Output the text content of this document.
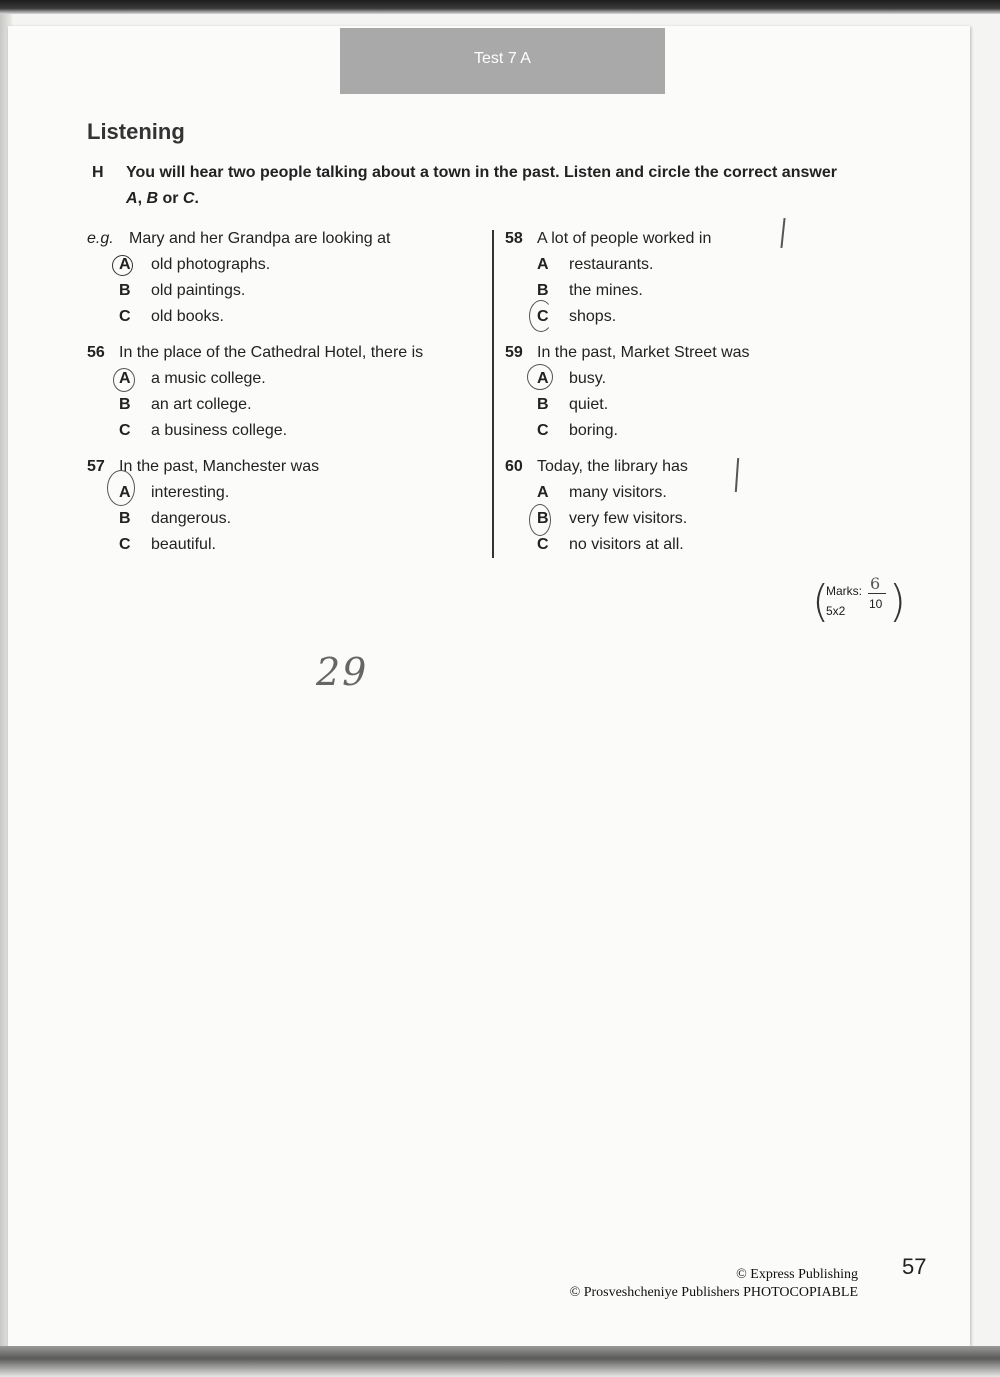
Test 7 A
Listening
H You will hear two people talking about a town in the past. Listen and circle the correct answer
A, B or C.
e.g. Mary and her Grandpa are looking at
A old photographs.
B old paintings.
C old books.
56 In the place of the Cathedral Hotel, there is
A a music college.
B an art college.
C a business college.
57 In the past, Manchester was
A interesting.
B dangerous.
C beautiful.
58 A lot of people worked in
A restaurants.
B the mines.
C shops.
59 In the past, Market Street was
A busy.
B quiet.
C boring.
60 Today, the library has
A many visitors.
B very few visitors.
C no visitors at all.
(
Marks:
5x2
6
10 )
29
© Express Publishing
© Prosveshcheniye Publishers PHOTOCOPIABLE
57
